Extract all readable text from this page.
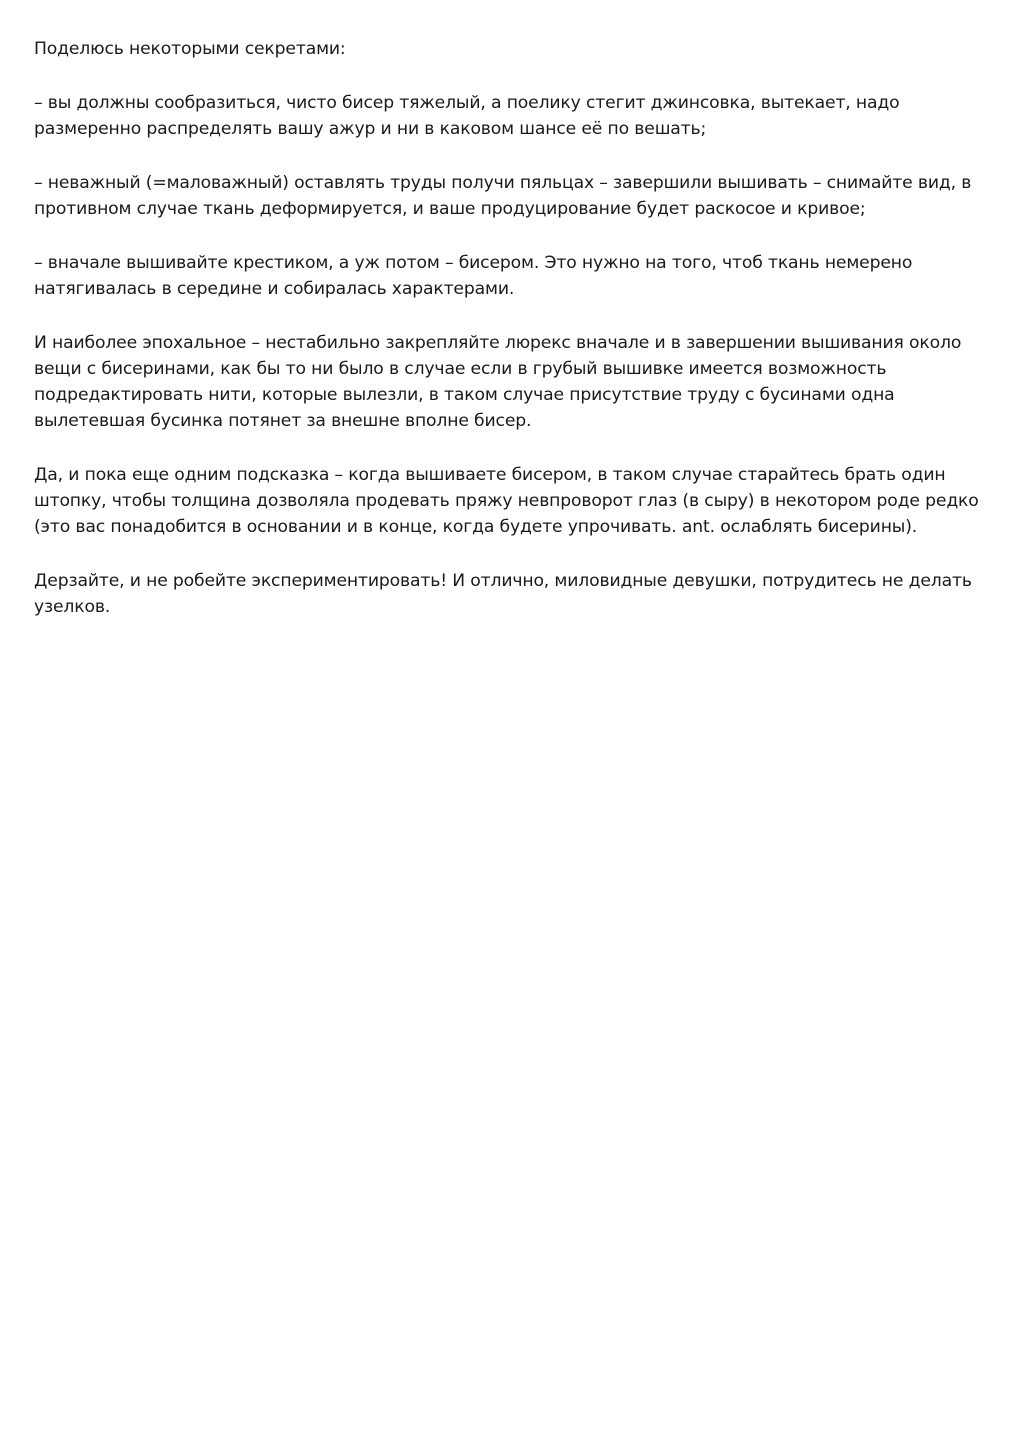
Поделюсь некоторыми секретами:

– вы должны сообразиться, чисто бисер тяжелый, а поелику стегит джинсовка, вытекает, надо размеренно распределять вашу ажур и ни в каковом шансе её по вешать;

– неважный (=маловажный) оставлять труды получи пяльцах – завершили вышивать – снимайте вид, в противном случае ткань деформируется, и ваше продуцирование будет раскосое и кривое;

– вначале вышивайте крестиком, а уж потом – бисером. Это нужно на того, чтоб ткань немерено натягивалась в середине и собиралась характерами.

И наиболее эпохальное – нестабильно закрепляйте люрекс вначале и в завершении вышивания около вещи с бисеринами, как бы то ни было в случае если в грубый вышивке имеется возможность подредактировать нити, которые вылезли, в таком случае присутствие труду с бусинами одна вылетевшая бусинка потянет за внешне вполне бисер.

Да, и пока еще одним подсказка – когда вышиваете бисером, в таком случае старайтесь брать один штопку, чтобы толщина дозволяла продевать пряжу невпроворот глаз (в сыру) в некотором роде редко (это вас понадобится в основании и в конце, когда будете упрочивать. ant. ослаблять бисерины).

Дерзайте, и не робейте экспериментировать! И отлично, миловидные девушки, потрудитесь не делать узелков.
